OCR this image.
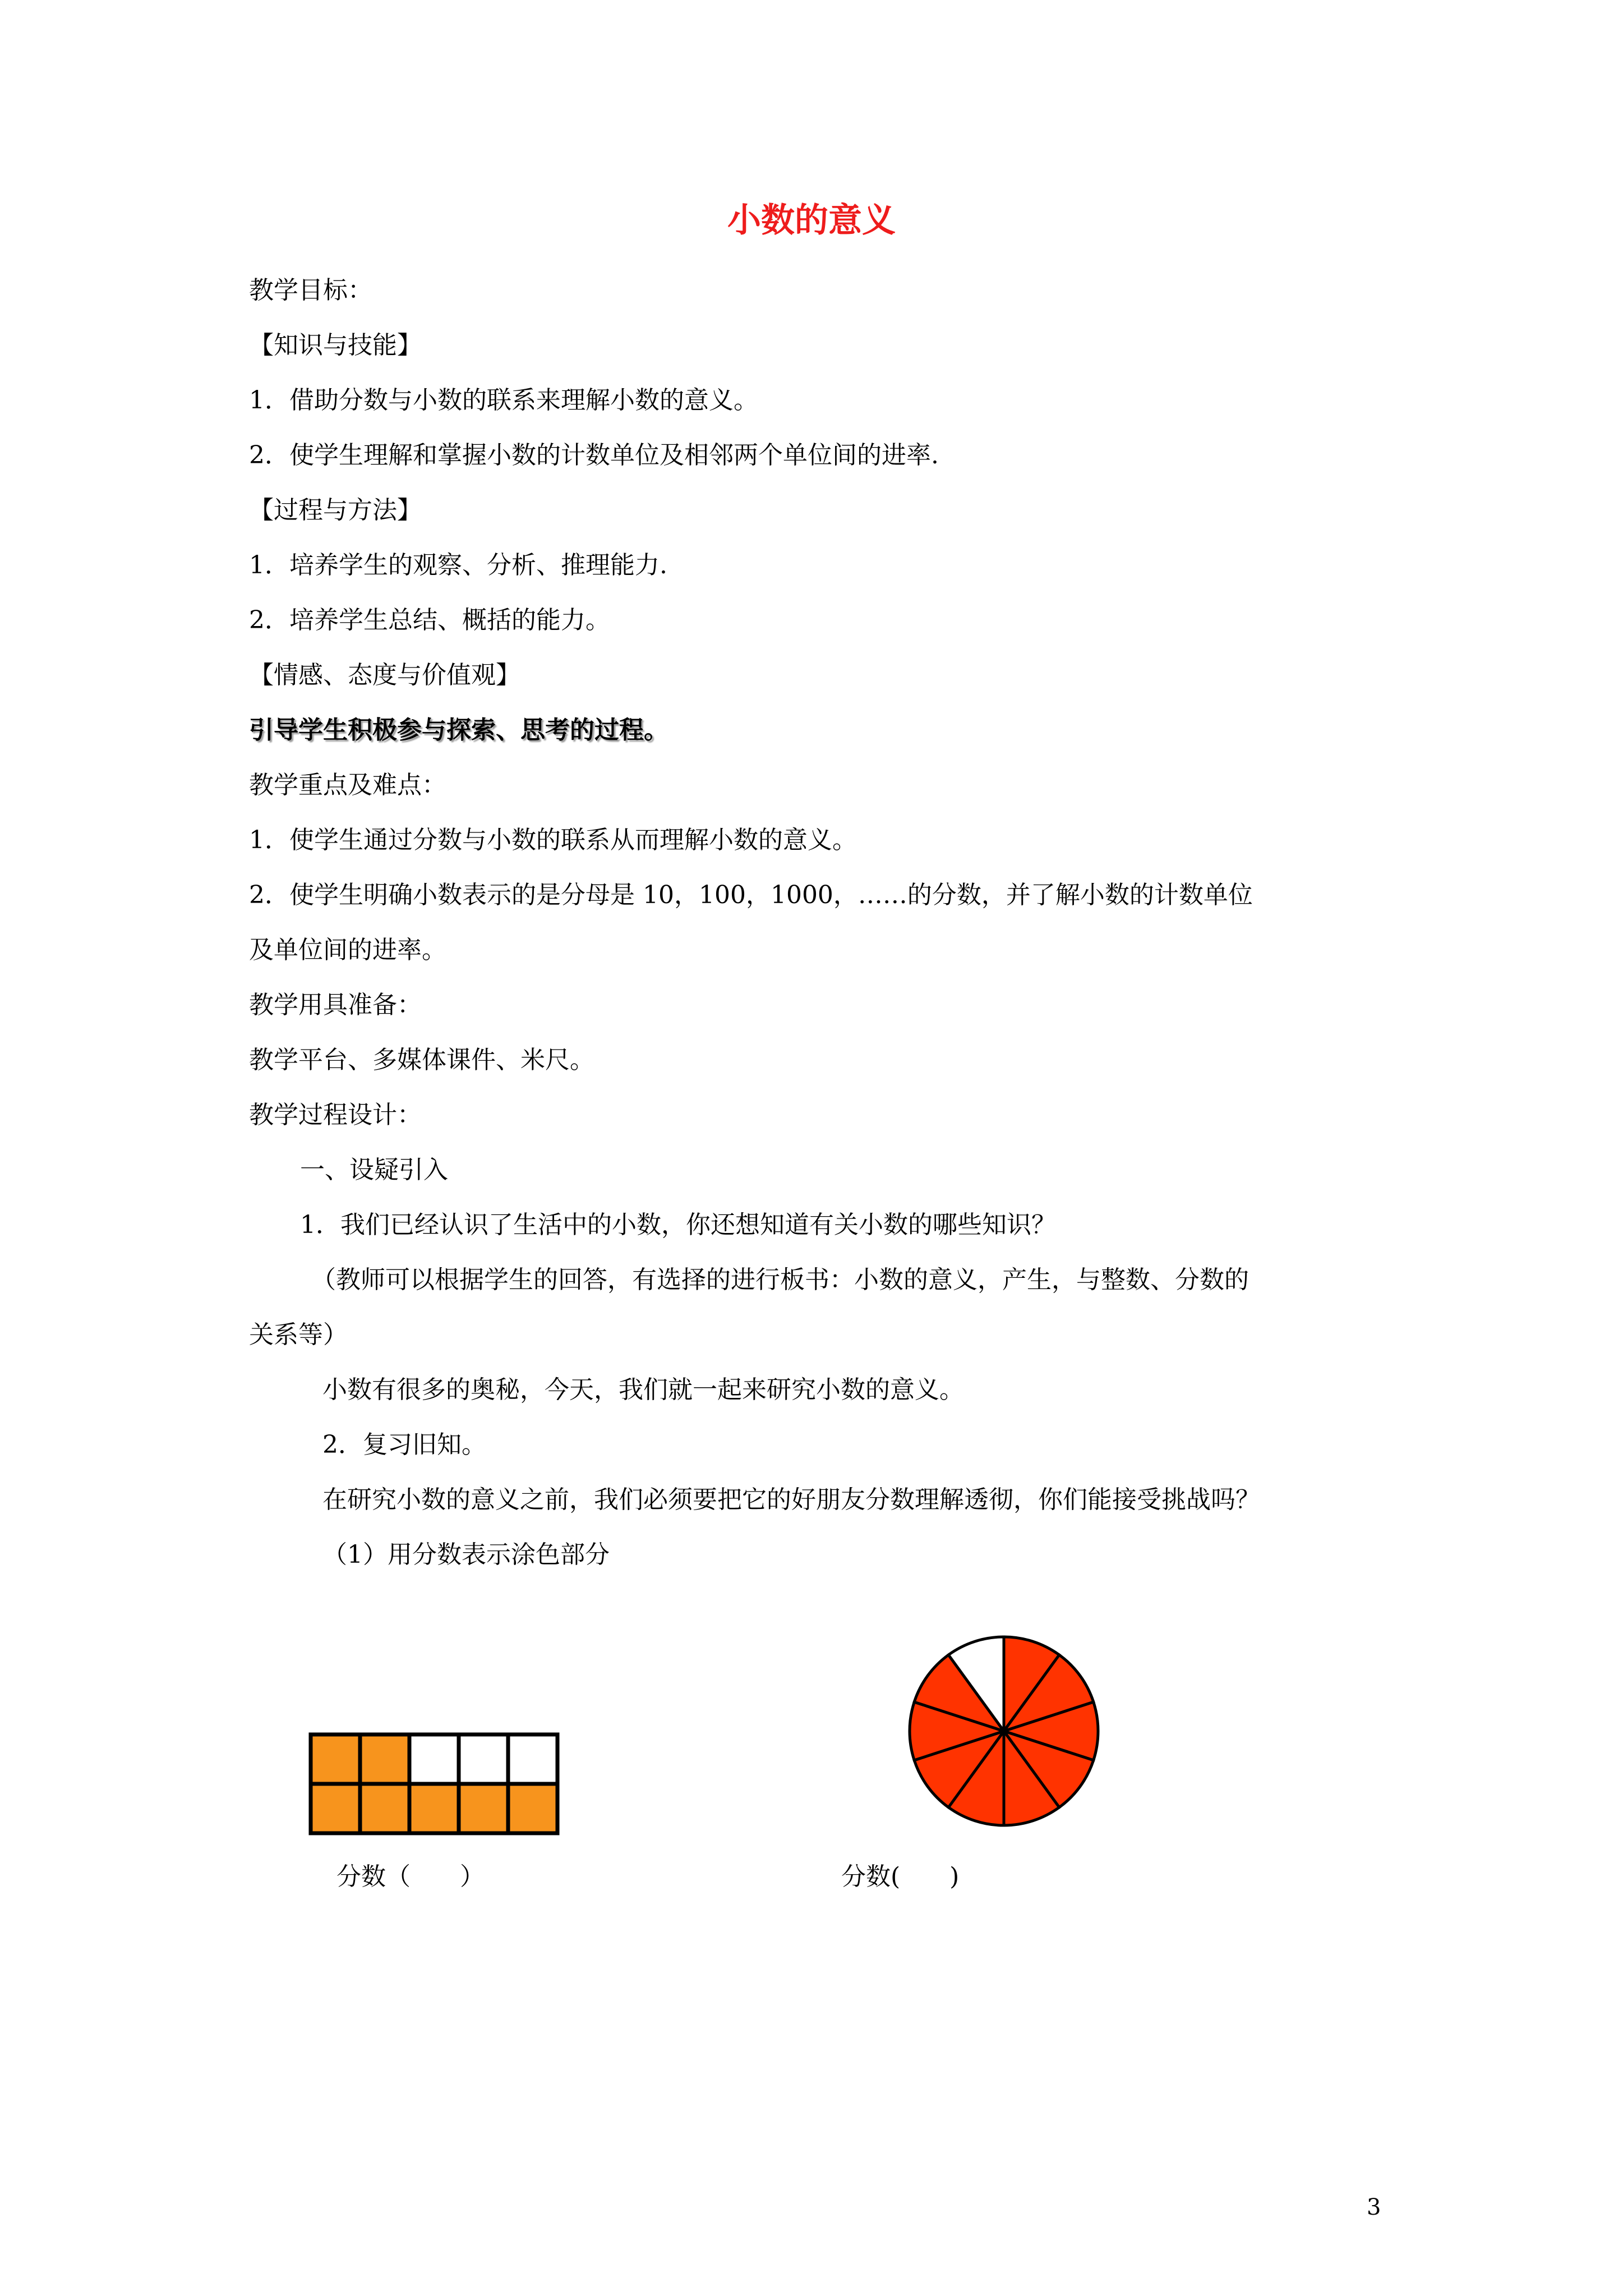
小数的意义
教学目标：
【知识与技能】
1．借助分数与小数的联系来理解小数的意义。
2．使学生理解和掌握小数的计数单位及相邻两个单位间的进率.
【过程与方法】
1．培养学生的观察、分析、推理能力.
2．培养学生总结、概括的能力。
【情感、态度与价值观】
引导学生积极参与探索、思考的过程。
教学重点及难点：
1．使学生通过分数与小数的联系从而理解小数的意义。
2．使学生明确小数表示的是分母是 10，100，1000，……的分数，并了解小数的计数单位
及单位间的进率。
教学用具准备：
教学平台、多媒体课件、米尺。
教学过程设计：
一、设疑引入
1．我们已经认识了生活中的小数，你还想知道有关小数的哪些知识？
（教师可以根据学生的回答，有选择的进行板书：小数的意义，产生，与整数、分数的
关系等）
小数有很多的奥秘，今天，我们就一起来研究小数的意义。
2．复习旧知。
在研究小数的意义之前，我们必须要把它的好朋友分数理解透彻，你们能接受挑战吗？
（1）用分数表示涂色部分
分数（　　）	分数(　　)
3
